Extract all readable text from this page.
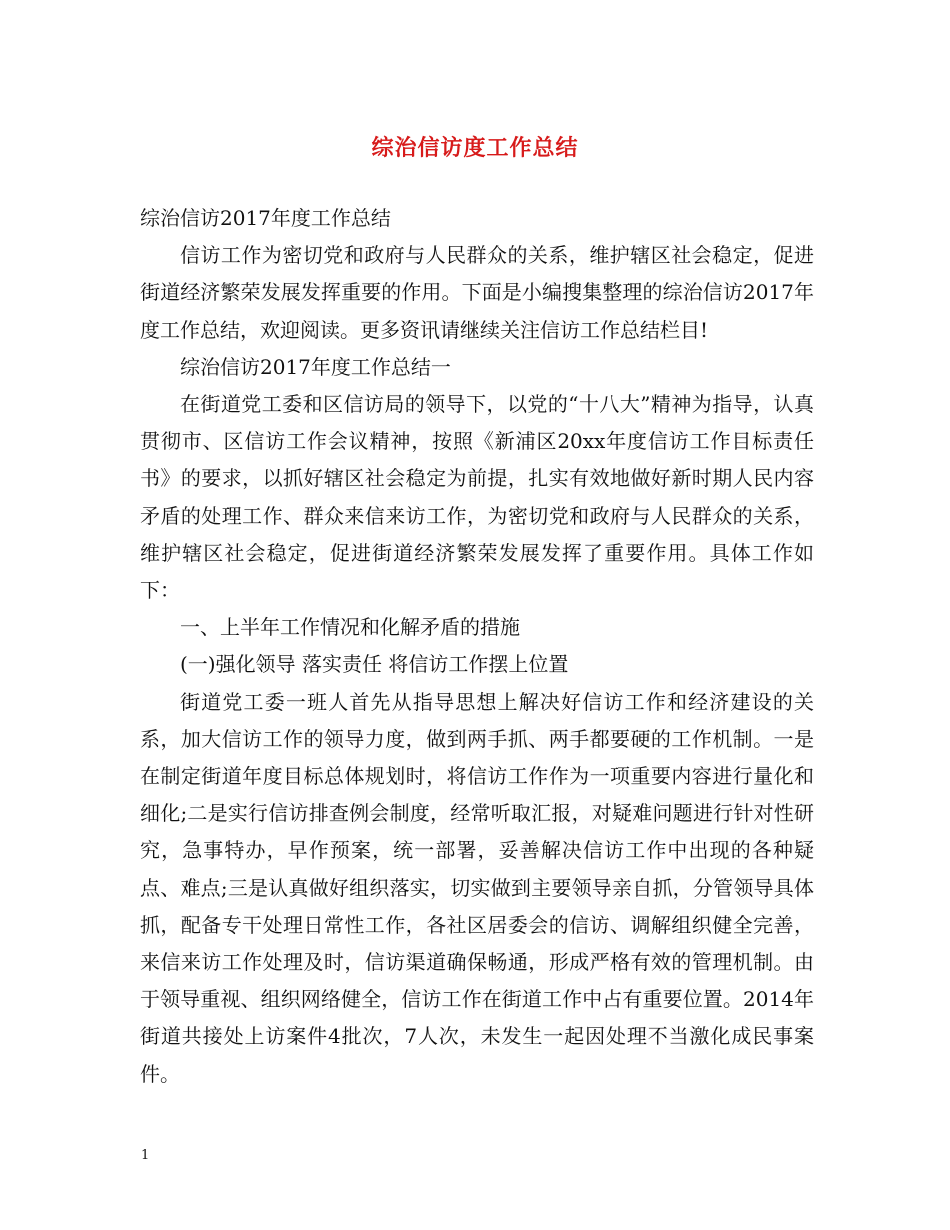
综治信访度工作总结

综治信访2017年度工作总结

信访工作为密切党和政府与人民群众的关系，维护辖区社会稳定，促进街道经济繁荣发展发挥重要的作用。下面是小编搜集整理的综治信访2017年度工作总结，欢迎阅读。更多资讯请继续关注信访工作总结栏目!

综治信访2017年度工作总结一

在街道党工委和区信访局的领导下，以党的“十八大”精神为指导，认真贯彻市、区信访工作会议精神，按照《新浦区20xx年度信访工作目标责任书》的要求，以抓好辖区社会稳定为前提，扎实有效地做好新时期人民内容矛盾的处理工作、群众来信来访工作，为密切党和政府与人民群众的关系，维护辖区社会稳定，促进街道经济繁荣发展发挥了重要作用。具体工作如下：

一、上半年工作情况和化解矛盾的措施

(一)强化领导 落实责任 将信访工作摆上位置

街道党工委一班人首先从指导思想上解决好信访工作和经济建设的关系，加大信访工作的领导力度，做到两手抓、两手都要硬的工作机制。一是在制定街道年度目标总体规划时，将信访工作作为一项重要内容进行量化和细化;二是实行信访排查例会制度，经常听取汇报，对疑难问题进行针对性研究，急事特办，早作预案，统一部署，妥善解决信访工作中出现的各种疑点、难点;三是认真做好组织落实，切实做到主要领导亲自抓，分管领导具体抓，配备专干处理日常性工作，各社区居委会的信访、调解组织健全完善，来信来访工作处理及时，信访渠道确保畅通，形成严格有效的管理机制。由于领导重视、组织网络健全，信访工作在街道工作中占有重要位置。2014年街道共接处上访案件4批次，7人次，未发生一起因处理不当激化成民事案件。

1
